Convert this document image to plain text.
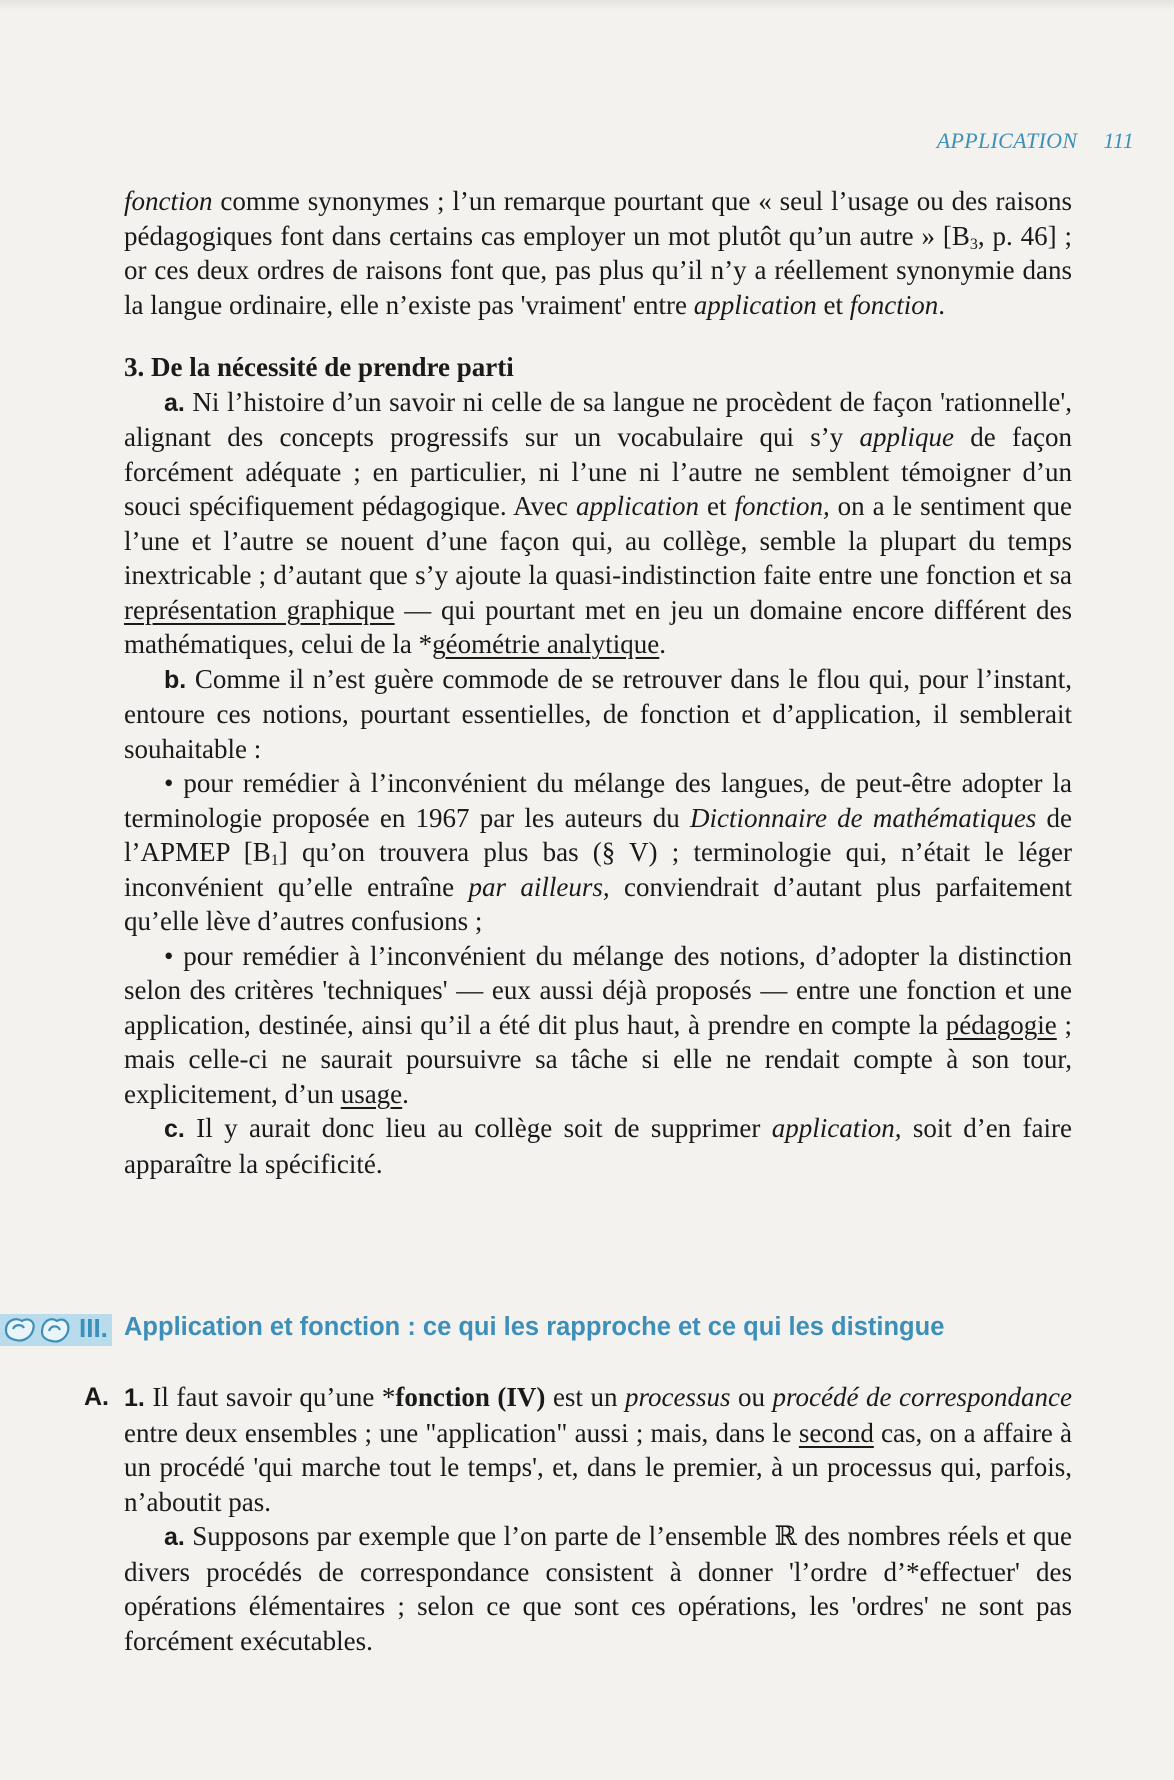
APPLICATION 111

fonction comme synonymes ; l’un remarque pourtant que « seul l’usage ou des raisons pédagogiques font dans certains cas employer un mot plutôt qu’un autre » [$B_3$, p. 46] ; or ces deux ordres de raisons font que, pas plus qu’il n’y a réellement synonymie dans la langue ordinaire, elle n’existe pas 'vraiment' entre application et fonction.

3. De la nécessité de prendre parti

a. Ni l’histoire d’un savoir ni celle de sa langue ne procèdent de façon 'rationnelle', alignant des concepts progressifs sur un vocabulaire qui s’y applique de façon forcément adéquate ; en particulier, ni l’une ni l’autre ne semblent témoigner d’un souci spécifiquement pédagogique. Avec application et fonction, on a le sentiment que l’une et l’autre se nouent d’une façon qui, au collège, semble la plupart du temps inextricable ; d’autant que s’y ajoute la quasi-indistinction faite entre une fonction et sa représentation graphique — qui pourtant met en jeu un domaine encore différent des mathématiques, celui de la *géométrie analytique.

b. Comme il n’est guère commode de se retrouver dans le flou qui, pour l’instant, entoure ces notions, pourtant essentielles, de fonction et d’application, il semblerait souhaitable :

• pour remédier à l’inconvénient du mélange des langues, de peut-être adopter la terminologie proposée en 1967 par les auteurs du Dictionnaire de mathématiques de l’APMEP $[B_1]$ qu’on trouvera plus bas (§ V) ; terminologie qui, n’était le léger inconvénient qu’elle entraîne par ailleurs, conviendrait d’autant plus parfaitement qu’elle lève d’autres confusions ;

• pour remédier à l’inconvénient du mélange des notions, d’adopter la distinction selon des critères 'techniques' — eux aussi déjà proposés — entre une fonction et une application, destinée, ainsi qu’il a été dit plus haut, à prendre en compte la pédagogie ; mais celle-ci ne saurait poursuivre sa tâche si elle ne rendait compte à son tour, explicitement, d’un usage.

c. Il y aurait donc lieu au collège soit de supprimer application, soit d’en faire apparaître la spécificité.

III. Application et fonction : ce qui les rapproche et ce qui les distingue
A. 1. Il faut savoir qu’une *fonction (IV) est un processus ou procédé de correspondance entre deux ensembles ; une "application" aussi ; mais, dans le second cas, on a affaire à un procédé 'qui marche tout le temps', et, dans le premier, à un processus qui, parfois, n’aboutit pas.

a. Supposons par exemple que l’on parte de l’ensemble ℝ des nombres réels et que divers procédés de correspondance consistent à donner 'l’ordre d’*effectuer' des opérations élémentaires ; selon ce que sont ces opérations, les 'ordres' ne sont pas forcément exécutables.
